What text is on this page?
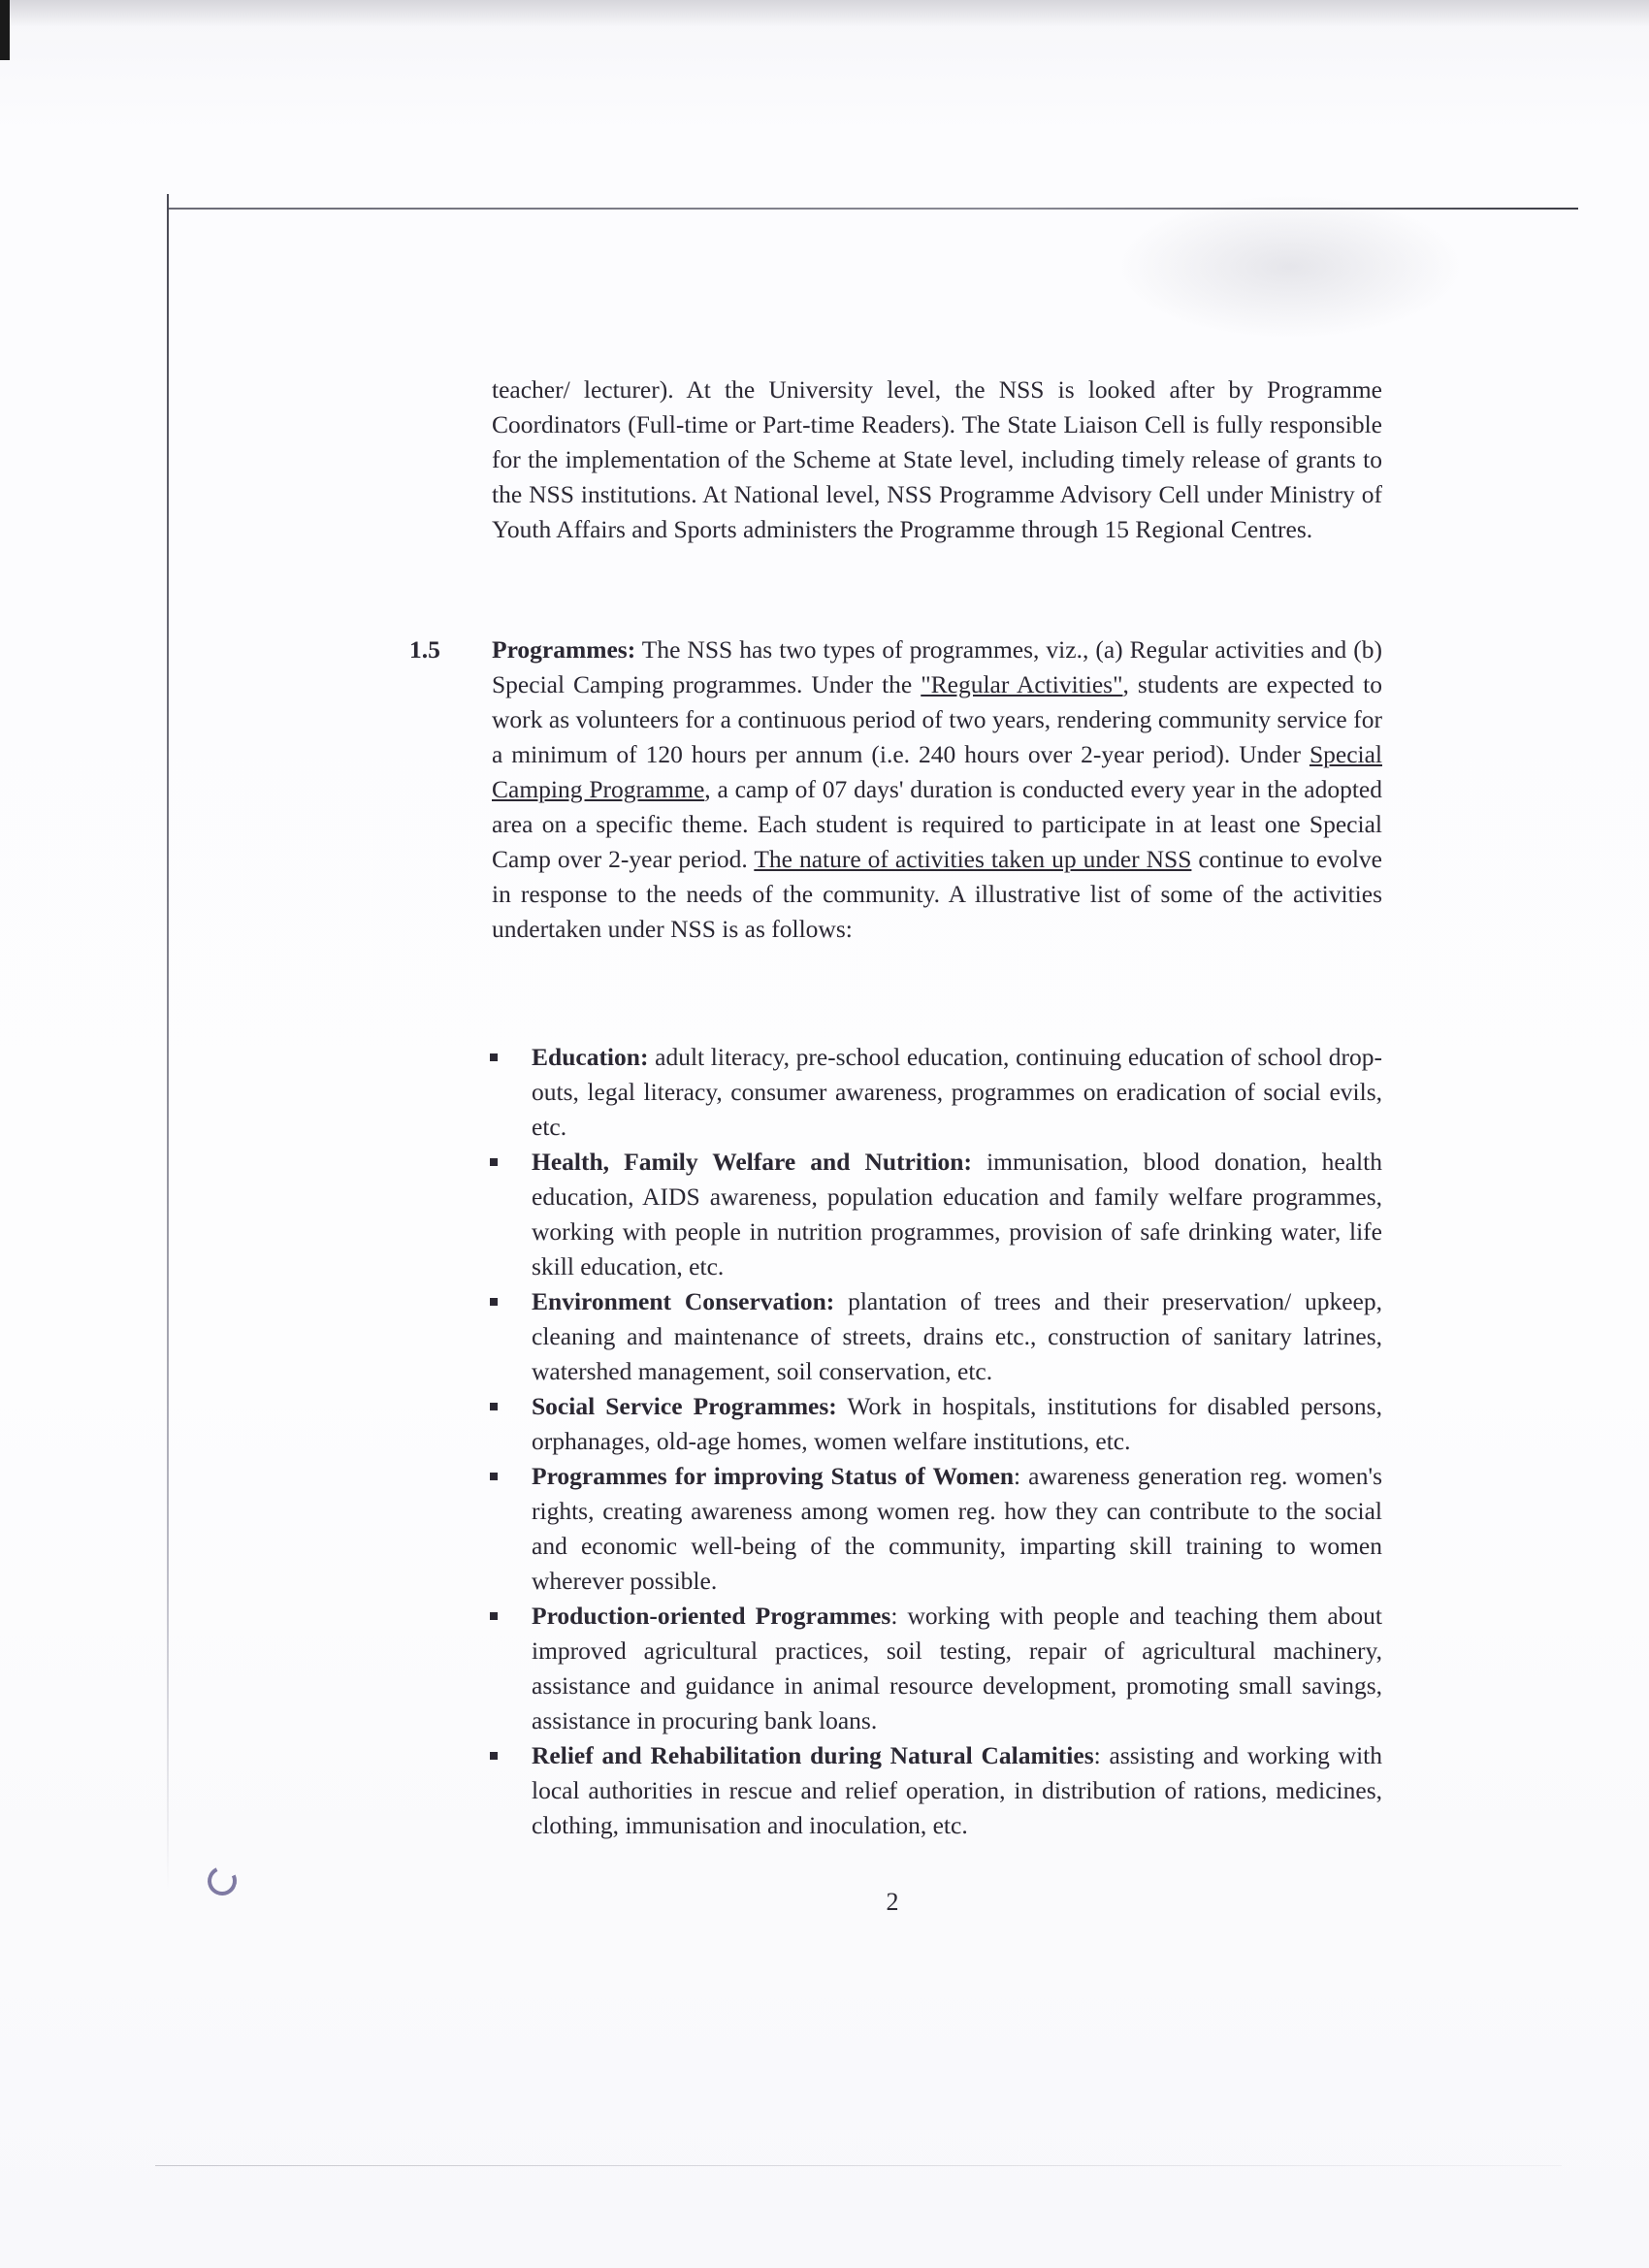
teacher/ lecturer). At the University level, the NSS is looked after by Programme Coordinators (Full-time or Part-time Readers). The State Liaison Cell is fully responsible for the implementation of the Scheme at State level, including timely release of grants to the NSS institutions. At National level, NSS Programme Advisory Cell under Ministry of Youth Affairs and Sports administers the Programme through 15 Regional Centres.

1.5 Programmes: The NSS has two types of programmes, viz., (a) Regular activities and (b) Special Camping programmes. Under the "Regular Activities", students are expected to work as volunteers for a continuous period of two years, rendering community service for a minimum of 120 hours per annum (i.e. 240 hours over 2-year period). Under Special Camping Programme, a camp of 07 days' duration is conducted every year in the adopted area on a specific theme. Each student is required to participate in at least one Special Camp over 2-year period. The nature of activities taken up under NSS continue to evolve in response to the needs of the community. A illustrative list of some of the activities undertaken under NSS is as follows:

Education: adult literacy, pre-school education, continuing education of school drop-outs, legal literacy, consumer awareness, programmes on eradication of social evils, etc.
Health, Family Welfare and Nutrition: immunisation, blood donation, health education, AIDS awareness, population education and family welfare programmes, working with people in nutrition programmes, provision of safe drinking water, life skill education, etc.
Environment Conservation: plantation of trees and their preservation/ upkeep, cleaning and maintenance of streets, drains etc., construction of sanitary latrines, watershed management, soil conservation, etc.
Social Service Programmes: Work in hospitals, institutions for disabled persons, orphanages, old-age homes, women welfare institutions, etc.
Programmes for improving Status of Women: awareness generation reg. women's rights, creating awareness among women reg. how they can contribute to the social and economic well-being of the community, imparting skill training to women wherever possible.
Production-oriented Programmes: working with people and teaching them about improved agricultural practices, soil testing, repair of agricultural machinery, assistance and guidance in animal resource development, promoting small savings, assistance in procuring bank loans.
Relief and Rehabilitation during Natural Calamities: assisting and working with local authorities in rescue and relief operation, in distribution of rations, medicines, clothing, immunisation and inoculation, etc.
2
